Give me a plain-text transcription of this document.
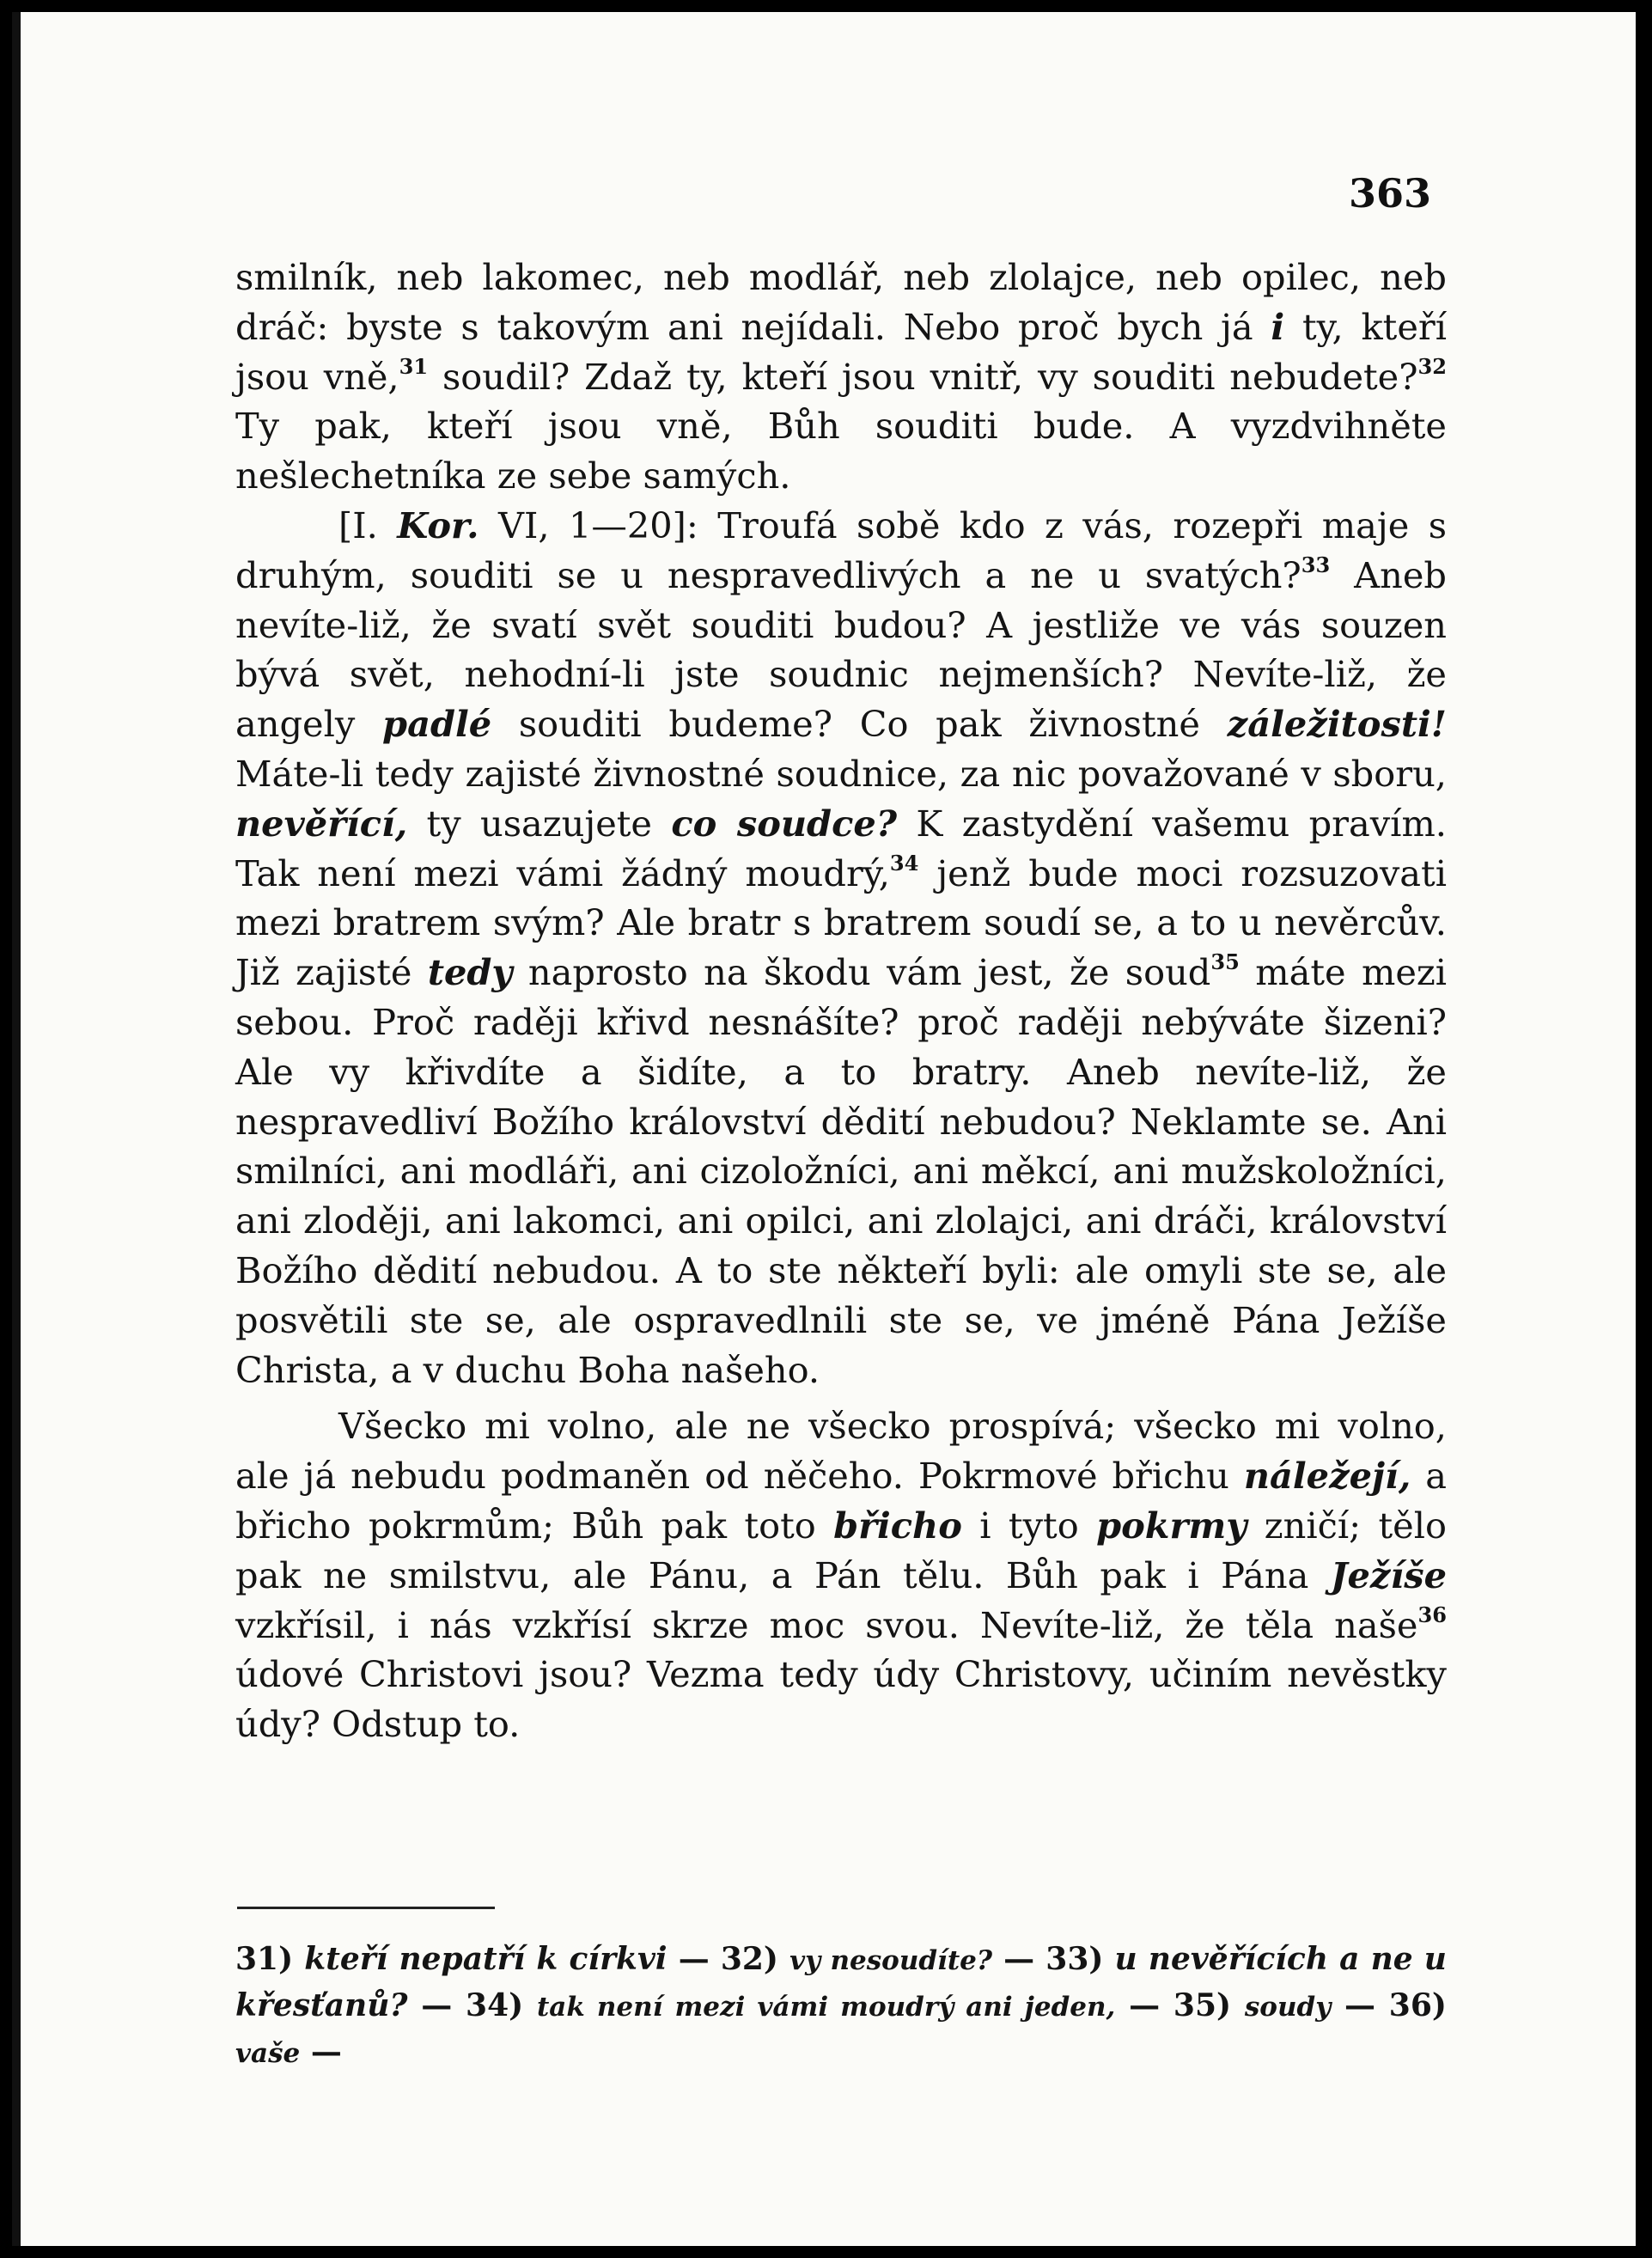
363

smilník, neb lakomec, neb modlář, neb zlolajce, neb opilec, neb dráč: byste s takovým ani nejídali. Nebo proč bych já i ty, kteří jsou vně,$^{31}$ soudil? Zdaž ty, kteří jsou vnitř, vy souditi nebudete?$^{32}$ Ty pak, kteří jsou vně, Bůh souditi bude. A vyzdvihněte nešlechetníka ze sebe samých.

[I. Kor. VI, 1—20]: Troufá sobě kdo z vás, rozepři maje s druhým, souditi se u nespravedlivých a ne u svatých?$^{33}$ Aneb nevíte-liž, že svatí svět souditi budou? A jestliže ve vás souzen bývá svět, nehodní-li jste soudnic nejmenších? Nevíte-liž, že angely padlé souditi budeme? Co pak živnostné záležitosti! Máte-li tedy zajisté živnostné soudnice, za nic považované v sboru, nevěřící, ty usazujete co soudce? K zastydění vašemu pravím. Tak není mezi vámi žádný moudrý,$^{34}$ jenž bude moci rozsuzovati mezi bratrem svým? Ale bratr s bratrem soudí se, a to u nevěrcův. Již zajisté tedy naprosto na škodu vám jest, že soud$^{35}$ máte mezi sebou. Proč raději křivd nesnášíte? proč raději nebýváte šizeni? Ale vy křivdíte a šidíte, a to bratry. Aneb nevíte-liž, že nespravedliví Božího království dědití nebudou? Neklamte se. Ani smilníci, ani modláři, ani cizoložníci, ani měkcí, ani mužskoložníci, ani zloději, ani lakomci, ani opilci, ani zlolajci, ani dráči, království Božího dědití nebudou. A to ste někteří byli: ale omyli ste se, ale posvětili ste se, ale ospravedlnili ste se, ve jméně Pána Ježíše Christa, a v duchu Boha našeho.

Všecko mi volno, ale ne všecko prospívá; všecko mi volno, ale já nebudu podmaněn od něčeho. Pokrmové břichu náležejí, a břicho pokrmům; Bůh pak toto břicho i tyto pokrmy zničí; tělo pak ne smilstvu, ale Pánu, a Pán tělu. Bůh pak i Pána Ježíše vzkřísil, i nás vzkřísí skrze moc svou. Nevíte-liž, že těla naše$^{36}$ údové Christovi jsou? Vezma tedy údy Christovy, učiním nevěstky údy? Odstup to.

31) kteří nepatří k církvi — 32) vy nesoudíte? — 33) u nevěřících a ne u křesťanů? — 34) tak není mezi vámi moudrý ani jeden, — 35) soudy — 36) vaše —
